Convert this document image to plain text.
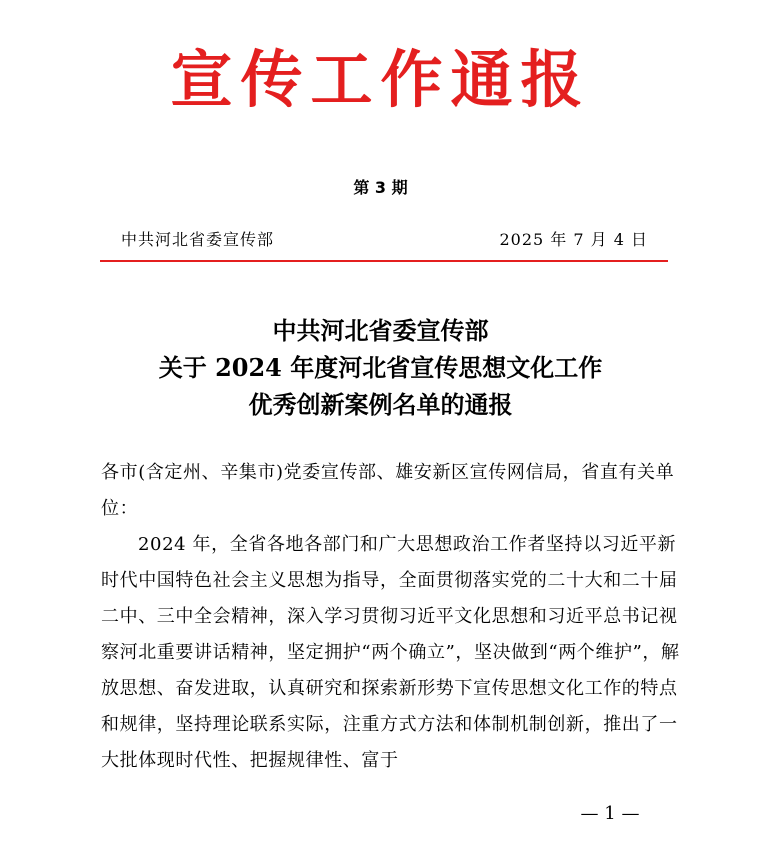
宣传工作通报
第 3 期
中共河北省委宣传部	2025 年 7 月 4 日
中共河北省委宣传部
关于 2024 年度河北省宣传思想文化工作
优秀创新案例名单的通报

各市(含定州、辛集市)党委宣传部、雄安新区宣传网信局，省直有关单位：

2024 年，全省各地各部门和广大思想政治工作者坚持以习近平新时代中国特色社会主义思想为指导，全面贯彻落实党的二十大和二十届二中、三中全会精神，深入学习贯彻习近平文化思想和习近平总书记视察河北重要讲话精神，坚定拥护“两个确立”，坚决做到“两个维护”，解放思想、奋发进取，认真研究和探索新形势下宣传思想文化工作的特点和规律，坚持理论联系实际，注重方式方法和体制机制创新，推出了一大批体现时代性、把握规律性、富于

— 1 —
